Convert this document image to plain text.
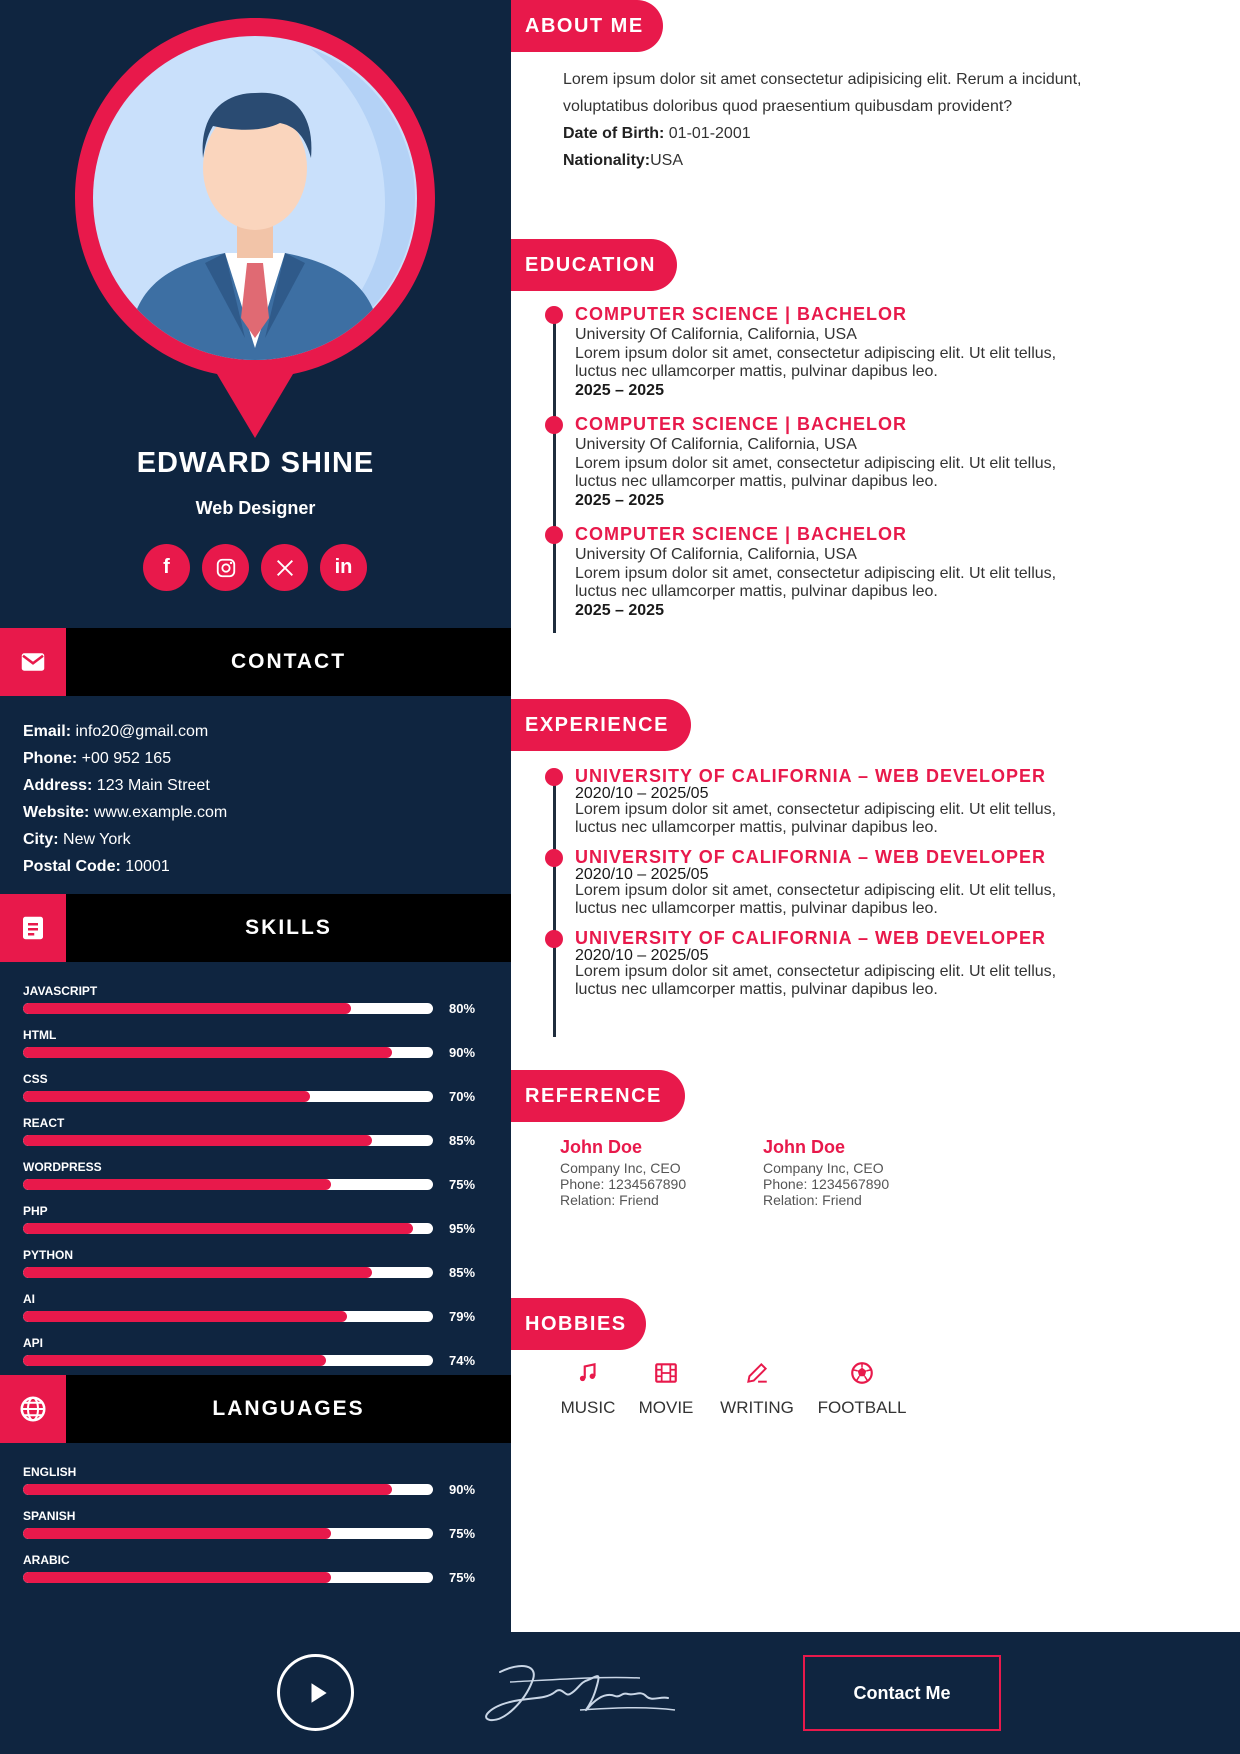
EDWARD SHINE
Web Designer
f	in
CONTACT
Email: info20@gmail.com
Phone: +00 952 165
Address: 123 Main Street
Website: www.example.com
City: New York
Postal Code: 10001
SKILLS
JAVASCRIPT
80%
HTML
90%
CSS
70%
REACT
85%
WORDPRESS
75%
PHP
95%
PYTHON
85%
AI
79%
API
74%
LANGUAGES
ENGLISH
90%
SPANISH
75%
ARABIC
75%
ABOUT ME
Lorem ipsum dolor sit amet consectetur adipisicing elit. Rerum a incidunt,
voluptatibus doloribus quod praesentium quibusdam provident?
Date of Birth: 01-01-2001
Nationality:USA
EDUCATION
COMPUTER SCIENCE | BACHELOR
University Of California, California, USA
Lorem ipsum dolor sit amet, consectetur adipiscing elit. Ut elit tellus,
luctus nec ullamcorper mattis, pulvinar dapibus leo.
2025 – 2025
COMPUTER SCIENCE | BACHELOR
University Of California, California, USA
Lorem ipsum dolor sit amet, consectetur adipiscing elit. Ut elit tellus,
luctus nec ullamcorper mattis, pulvinar dapibus leo.
2025 – 2025
COMPUTER SCIENCE | BACHELOR
University Of California, California, USA
Lorem ipsum dolor sit amet, consectetur adipiscing elit. Ut elit tellus,
luctus nec ullamcorper mattis, pulvinar dapibus leo.
2025 – 2025
EXPERIENCE
UNIVERSITY OF CALIFORNIA – WEB DEVELOPER
2020/10 – 2025/05
Lorem ipsum dolor sit amet, consectetur adipiscing elit. Ut elit tellus,
luctus nec ullamcorper mattis, pulvinar dapibus leo.
UNIVERSITY OF CALIFORNIA – WEB DEVELOPER
2020/10 – 2025/05
Lorem ipsum dolor sit amet, consectetur adipiscing elit. Ut elit tellus,
luctus nec ullamcorper mattis, pulvinar dapibus leo.
UNIVERSITY OF CALIFORNIA – WEB DEVELOPER
2020/10 – 2025/05
Lorem ipsum dolor sit amet, consectetur adipiscing elit. Ut elit tellus,
luctus nec ullamcorper mattis, pulvinar dapibus leo.
REFERENCE
John Doe
Company Inc, CEO
Phone: 1234567890
Relation: Friend
John Doe
Company Inc, CEO
Phone: 1234567890
Relation: Friend
HOBBIES
MUSIC MOVIE	WRITING	FOOTBALL
Contact Me
